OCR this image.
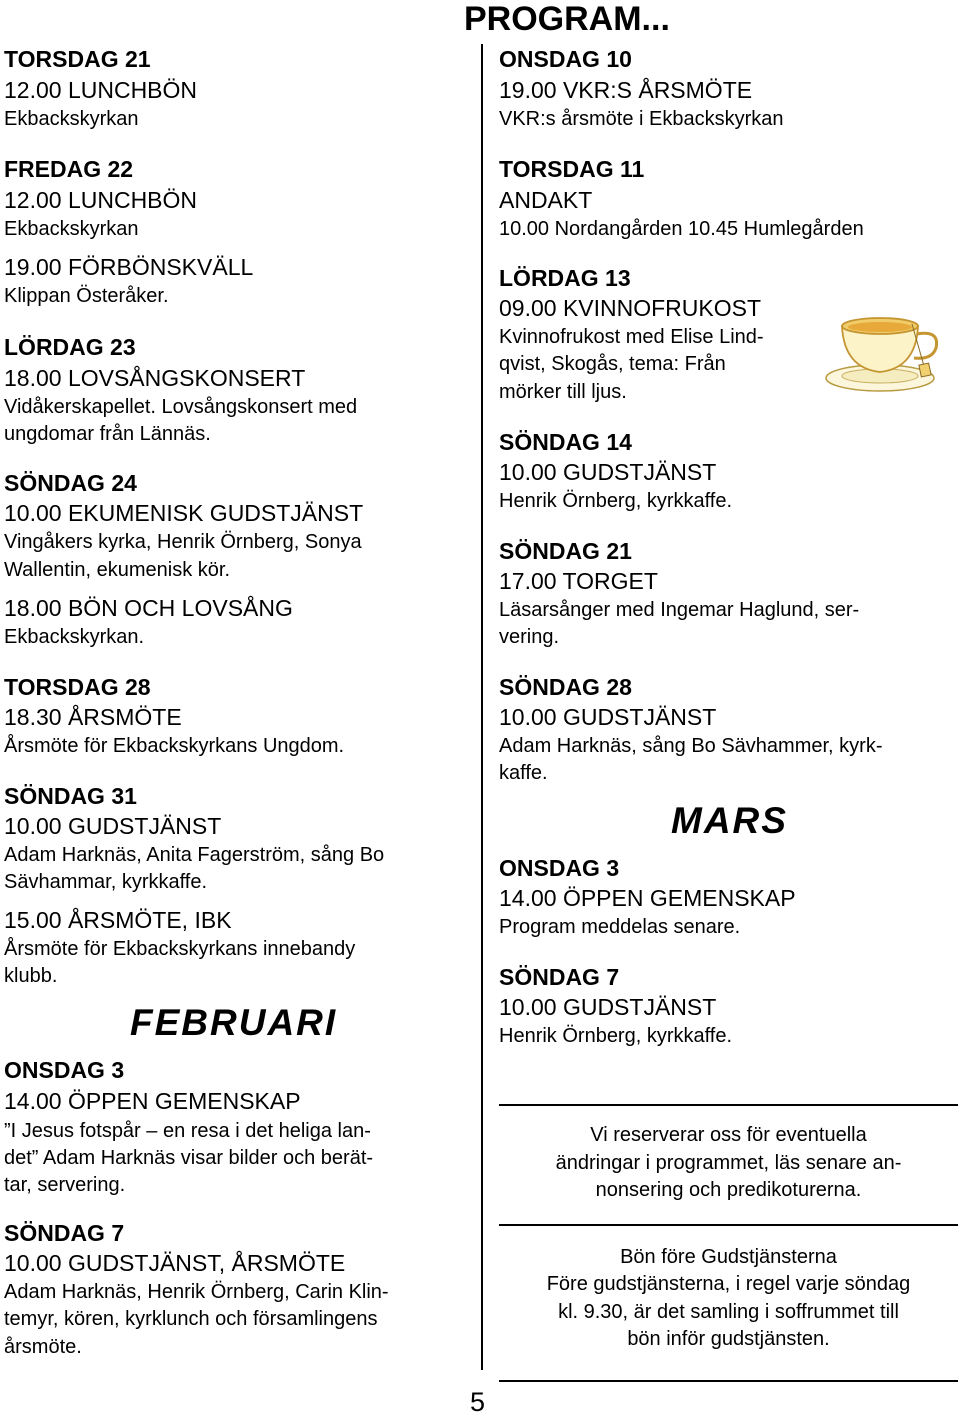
PROGRAM...
TORSDAG 21
12.00 LUNCHBÖN
Ekbackskyrkan
FREDAG 22
12.00 LUNCHBÖN
Ekbackskyrkan
19.00 FÖRBÖNSKVÄLL
Klippan Österåker.
LÖRDAG 23
18.00 LOVSÅNGSKONSERT
Vidåkerskapellet. Lovsångskonsert med
ungdomar från Lännäs.
SÖNDAG 24
10.00 EKUMENISK GUDSTJÄNST
Vingåkers kyrka, Henrik Örnberg, Sonya
Wallentin, ekumenisk kör.
18.00 BÖN OCH LOVSÅNG
Ekbackskyrkan.
TORSDAG 28
18.30 ÅRSMÖTE
Årsmöte för Ekbackskyrkans Ungdom.
SÖNDAG 31
10.00 GUDSTJÄNST
Adam Harknäs, Anita Fagerström, sång Bo
Sävhammar, kyrkkaffe.
15.00 ÅRSMÖTE, IBK
Årsmöte för Ekbackskyrkans innebandy
klubb.
FEBRUARI
ONSDAG 3
14.00 ÖPPEN GEMENSKAP
”I Jesus fotspår – en resa i det heliga lan-
det” Adam Harknäs visar bilder och berät-
tar, servering.
SÖNDAG 7
10.00 GUDSTJÄNST, ÅRSMÖTE
Adam Harknäs, Henrik Örnberg, Carin Klin-
temyr, kören, kyrklunch och församlingens
årsmöte.
5
ONSDAG 10
19.00 VKR:S ÅRSMÖTE
VKR:s årsmöte i Ekbackskyrkan
TORSDAG 11
ANDAKT
10.00 Nordangården 10.45 Humlegården
LÖRDAG 13
09.00 KVINNOFRUKOST
Kvinnofrukost med Elise Lind-
qvist, Skogås, tema: Från
mörker till ljus.
SÖNDAG 14
10.00 GUDSTJÄNST
Henrik Örnberg, kyrkkaffe.
SÖNDAG 21
17.00 TORGET
Läsarsånger med Ingemar Haglund, ser-
vering.
SÖNDAG 28
10.00 GUDSTJÄNST
Adam Harknäs, sång Bo Sävhammer, kyrk-
kaffe.
MARS
ONSDAG 3
14.00 ÖPPEN GEMENSKAP
Program meddelas senare.
SÖNDAG 7
10.00 GUDSTJÄNST
Henrik Örnberg, kyrkkaffe.
Vi reserverar oss för eventuella
ändringar i programmet, läs senare an-
nonsering och predikoturerna.
Bön före Gudstjänsterna
Före gudstjänsterna, i regel varje söndag
kl. 9.30, är det samling i soffrummet till
bön inför gudstjänsten.
